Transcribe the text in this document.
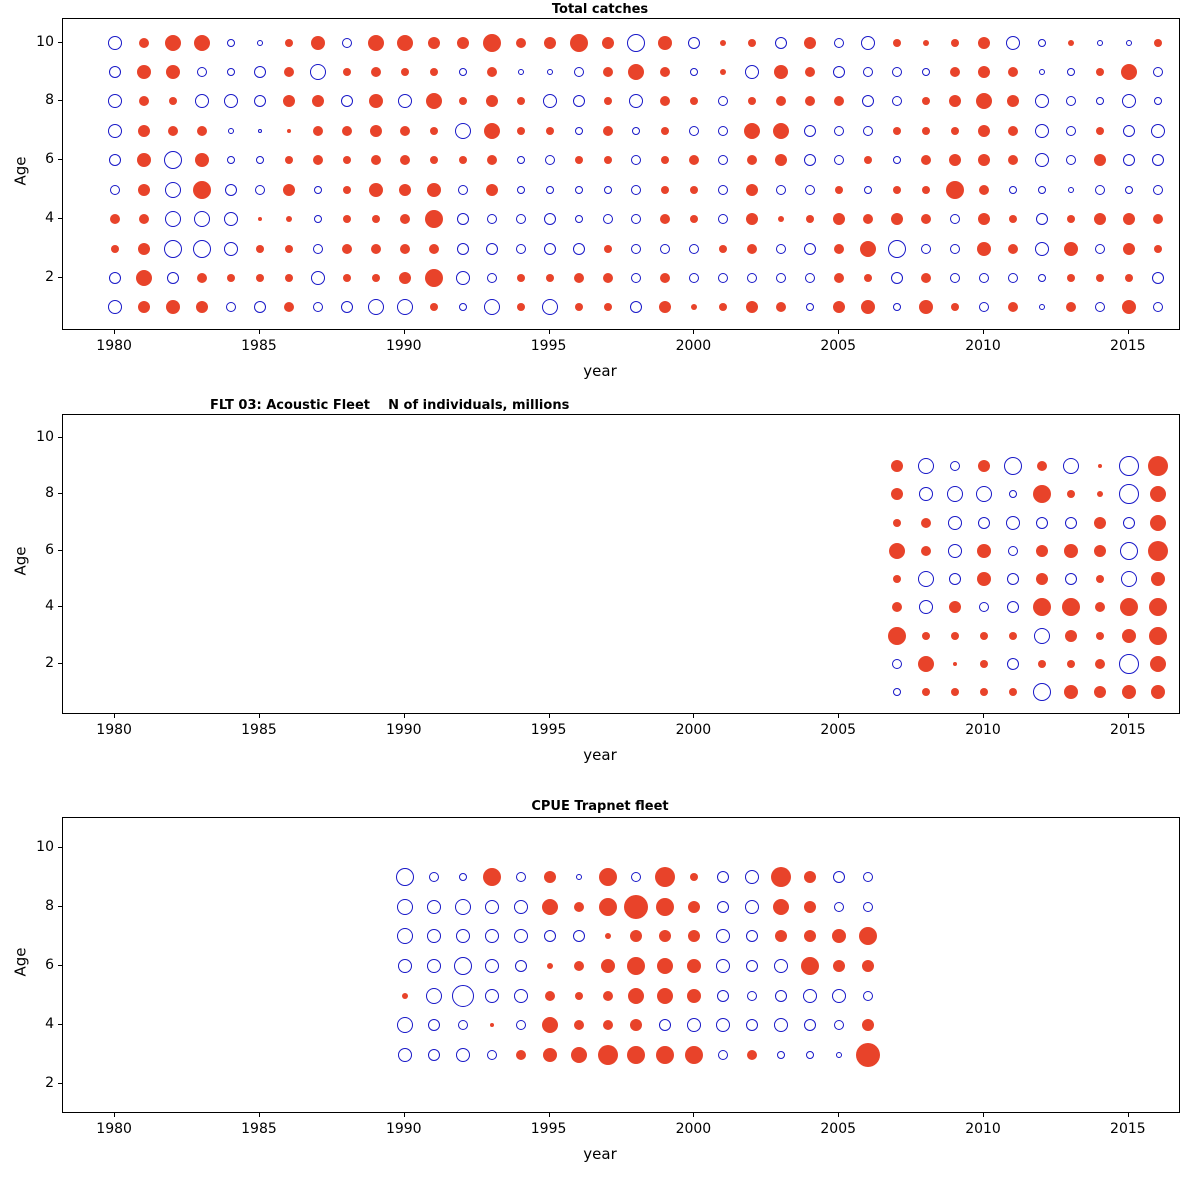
Total catches
1980	1985	1990	1995	2000	2005	2010	2015
2
4
6
8
10
year
Age
FLT 03: Acoustic Fleet    N of individuals, millions
1980	1985	1990	1995	2000	2005	2010	2015
2
4
6
8
10
year
Age
CPUE Trapnet fleet
1980	1985	1990	1995	2000	2005	2010	2015
2
4
6
8
10
year
Age
